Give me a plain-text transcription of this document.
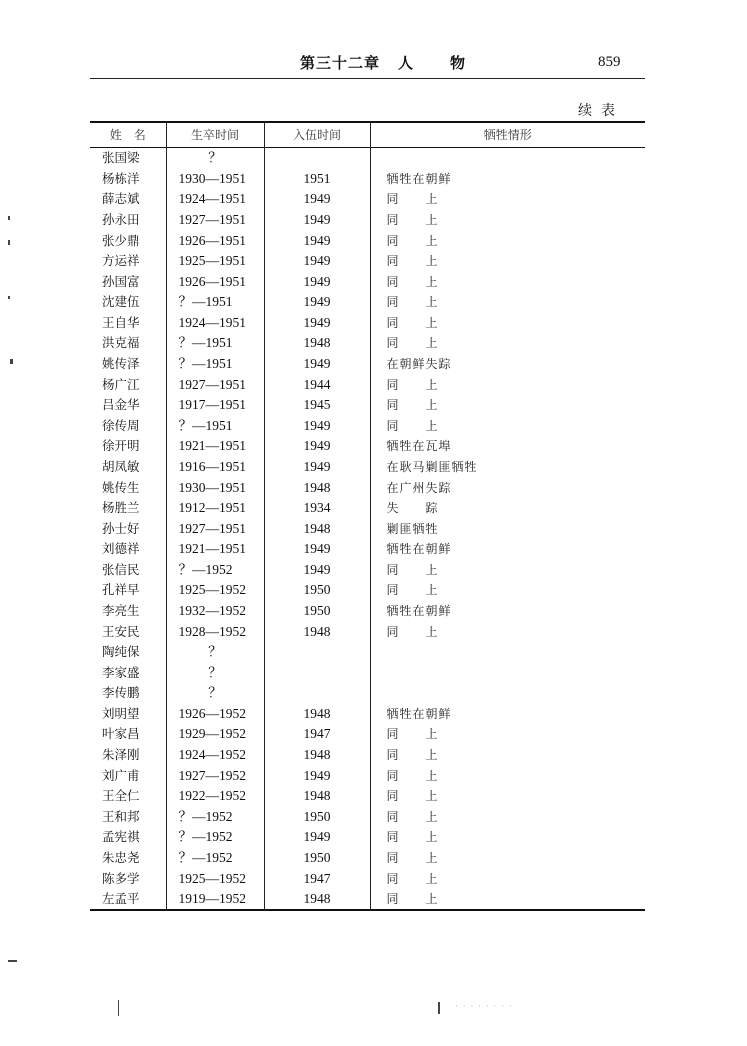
第三十二章 人 物	859
续表
姓　名	生卒时间	入伍时间	牺牲情形
张国梁	？		
杨栋洋	1930—1951	1951	牺牲在朝鲜
薛志斌	1924—1951	1949	同　　上
孙永田	1927—1951	1949	同　　上
张少鼎	1926—1951	1949	同　　上
方运祥	1925—1951	1949	同　　上
孙国富	1926—1951	1949	同　　上
沈建伍	？—1951	1949	同　　上
王自华	1924—1951	1949	同　　上
洪克福	？—1951	1948	同　　上
姚传泽	？—1951	1949	在朝鲜失踪
杨广江	1927—1951	1944	同　　上
吕金华	1917—1951	1945	同　　上
徐传周	？—1951	1949	同　　上
徐开明	1921—1951	1949	牺牲在瓦埠
胡凤敏	1916—1951	1949	在耿马剿匪牺牲
姚传生	1930—1951	1948	在广州失踪
杨胜兰	1912—1951	1934	失　　踪
孙士好	1927—1951	1948	剿匪牺牲
刘德祥	1921—1951	1949	牺牲在朝鲜
张信民	？—1952	1949	同　　上
孔祥早	1925—1952	1950	同　　上
李亮生	1932—1952	1950	牺牲在朝鲜
王安民	1928—1952	1948	同　　上
陶纯保	？		
李家盛	？		
李传鹏	？		
刘明望	1926—1952	1948	牺牲在朝鲜
叶家昌	1929—1952	1947	同　　上
朱泽刚	1924—1952	1948	同　　上
刘广甫	1927—1952	1949	同　　上
王全仁	1922—1952	1948	同　　上
王和邦	？—1952	1950	同　　上
孟宪祺	？—1952	1949	同　　上
朱忠尧	？—1952	1950	同　　上
陈多学	1925—1952	1947	同　　上
左孟平	1919—1952	1948	同　　上
· · · · · · · ·
